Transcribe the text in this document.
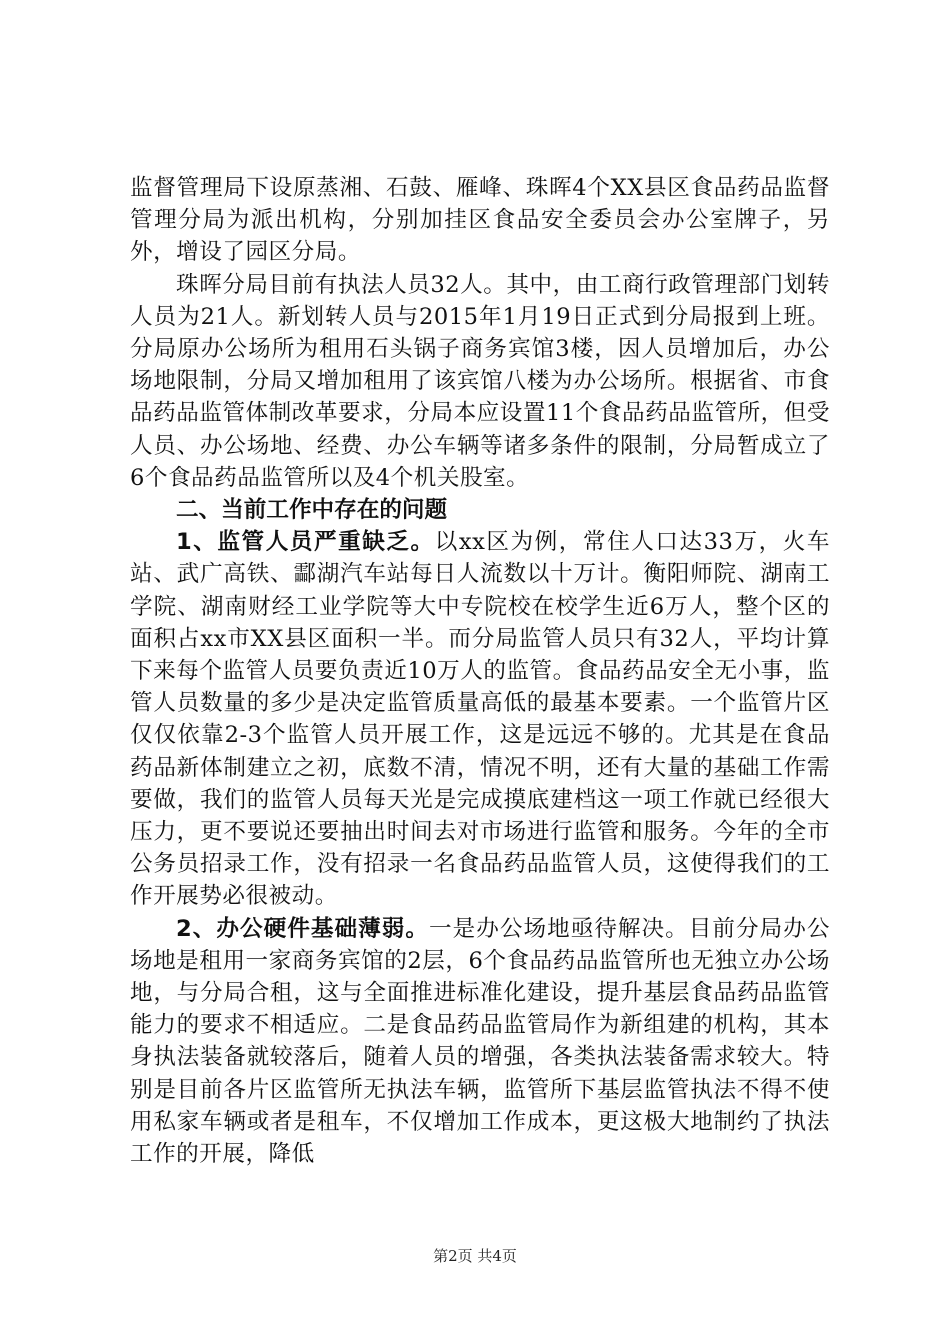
监督管理局下设原蒸湘、石鼓、雁峰、珠晖4个XX县区食品药品监督管理分局为派出机构，分别加挂区食品安全委员会办公室牌子，另外，增设了园区分局。

珠晖分局目前有执法人员32人。其中，由工商行政管理部门划转人员为21人。新划转人员与2015年1月19日正式到分局报到上班。分局原办公场所为租用石头锅子商务宾馆3楼，因人员增加后，办公场地限制，分局又增加租用了该宾馆八楼为办公场所。根据省、市食品药品监管体制改革要求，分局本应设置11个食品药品监管所，但受人员、办公场地、经费、办公车辆等诸多条件的限制，分局暂成立了6个食品药品监管所以及4个机关股室。

二、当前工作中存在的问题

1、监管人员严重缺乏。以xx区为例，常住人口达33万，火车站、武广高铁、酃湖汽车站每日人流数以十万计。衡阳师院、湖南工学院、湖南财经工业学院等大中专院校在校学生近6万人，整个区的面积占xx市XX县区面积一半。而分局监管人员只有32人，平均计算下来每个监管人员要负责近10万人的监管。食品药品安全无小事，监管人员数量的多少是决定监管质量高低的最基本要素。一个监管片区仅仅依靠2-3个监管人员开展工作，这是远远不够的。尤其是在食品药品新体制建立之初，底数不清，情况不明，还有大量的基础工作需要做，我们的监管人员每天光是完成摸底建档这一项工作就已经很大压力，更不要说还要抽出时间去对市场进行监管和服务。今年的全市公务员招录工作，没有招录一名食品药品监管人员，这使得我们的工作开展势必很被动。

2、办公硬件基础薄弱。一是办公场地亟待解决。目前分局办公场地是租用一家商务宾馆的2层，6个食品药品监管所也无独立办公场地，与分局合租，这与全面推进标准化建设，提升基层食品药品监管能力的要求不相适应。二是食品药品监管局作为新组建的机构，其本身执法装备就较落后，随着人员的增强，各类执法装备需求较大。特别是目前各片区监管所无执法车辆，监管所下基层监管执法不得不使用私家车辆或者是租车，不仅增加工作成本，更这极大地制约了执法工作的开展，降低

第2页 共4页
